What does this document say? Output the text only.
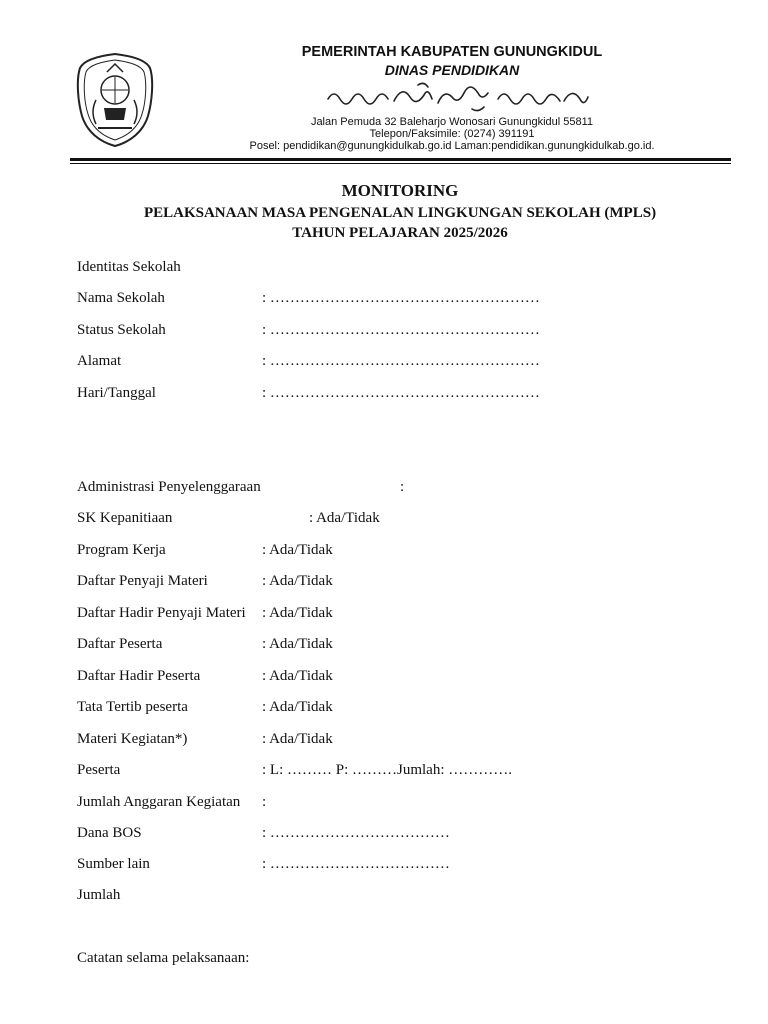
PEMERINTAH KABUPATEN GUNUNGKIDUL
DINAS PENDIDIKAN
Jalan Pemuda 32 Baleharjo Wonosari Gunungkidul 55811
Telepon/Faksimile: (0274) 391191
Posel: pendidikan@gunungkidulkab.go.id Laman:pendidikan.gunungkidulkab.go.id.
MONITORING
PELAKSANAAN MASA PENGENALAN LINGKUNGAN SEKOLAH (MPLS)
TAHUN PELAJARAN 2025/2026
Identitas Sekolah
Nama Sekolah	: ………………………………………………
Status Sekolah	: ………………………………………………
Alamat	: ………………………………………………
Hari/Tanggal	: ………………………………………………
Administrasi Penyelenggaraan	:
SK Kepanitiaan	: Ada/Tidak
Program Kerja	: Ada/Tidak
Daftar Penyaji Materi	: Ada/Tidak
Daftar Hadir Penyaji Materi : Ada/Tidak
Daftar Peserta	: Ada/Tidak
Daftar Hadir Peserta	: Ada/Tidak
Tata Tertib peserta	: Ada/Tidak
Materi Kegiatan*)	: Ada/Tidak
Peserta	: L: ……… P: ………Jumlah: ………….
Jumlah Anggaran Kegiatan :
Dana BOS	: ………………………………
Sumber lain	: ………………………………
Jumlah
Catatan selama pelaksanaan:
